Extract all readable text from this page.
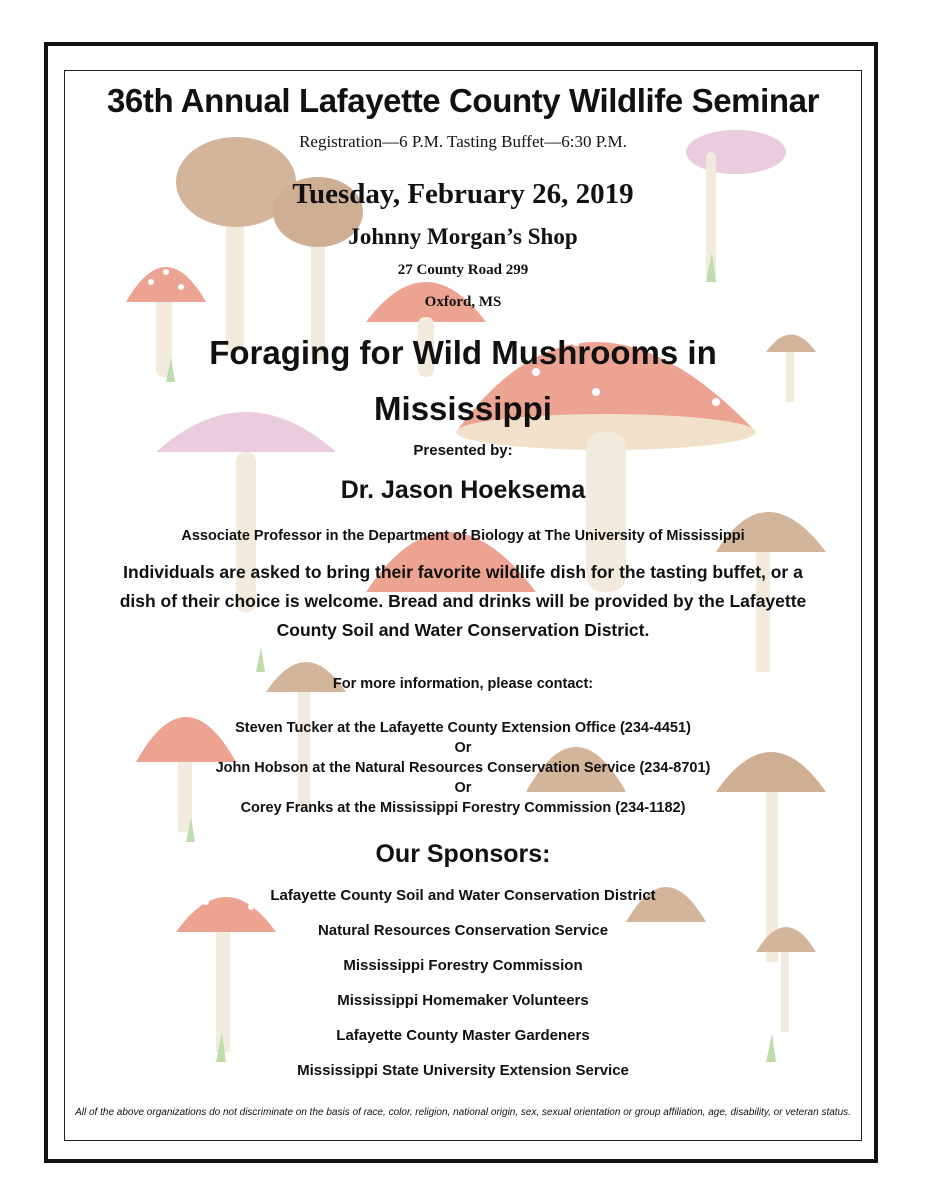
36th Annual Lafayette County Wildlife Seminar
Registration—6 P.M. Tasting Buffet—6:30 P.M.
Tuesday, February 26, 2019
Johnny Morgan’s Shop
27 County Road 299
Oxford, MS
Foraging for Wild Mushrooms in
Mississippi
Presented by:
Dr. Jason Hoeksema
Associate Professor in the Department of Biology at The University of Mississippi
Individuals are asked to bring their favorite wildlife dish for the tasting buffet, or a
dish of their choice is welcome. Bread and drinks will be provided by the Lafayette
County Soil and Water Conservation District.
For more information, please contact:
Steven Tucker at the Lafayette County Extension Office (234-4451)
Or
John Hobson at the Natural Resources Conservation Service (234-8701)
Or
Corey Franks at the Mississippi Forestry Commission (234-1182)
Our Sponsors:
Lafayette County Soil and Water Conservation District
Natural Resources Conservation Service
Mississippi Forestry Commission
Mississippi Homemaker Volunteers
Lafayette County Master Gardeners
Mississippi State University Extension Service
All of the above organizations do not discriminate on the basis of race, color, religion, national origin, sex, sexual orientation or group affiliation, age, disability, or veteran status.
